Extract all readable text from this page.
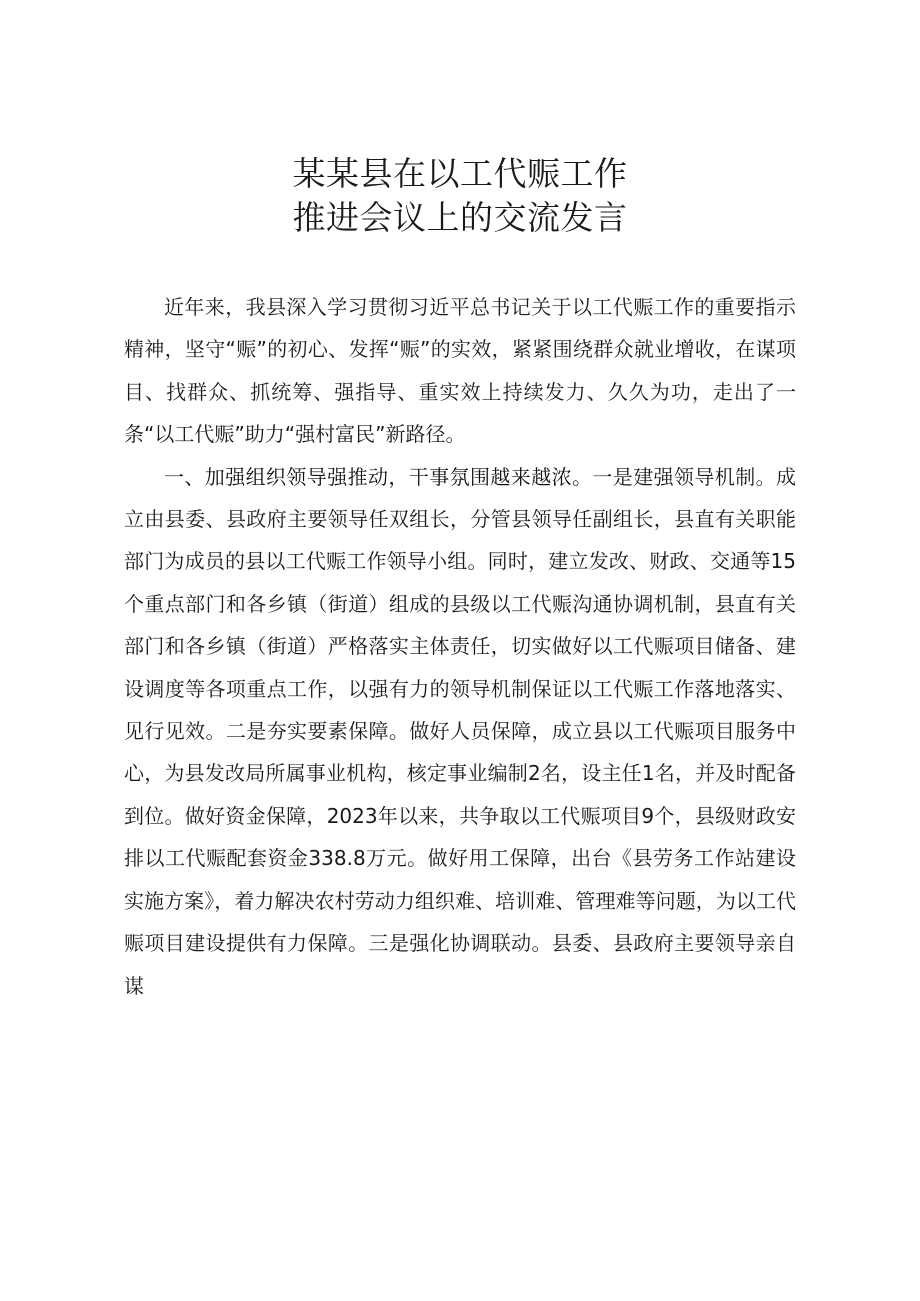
某某县在以工代赈工作
推进会议上的交流发言

近年来，我县深入学习贯彻习近平总书记关于以工代赈工作的重要指示精神，坚守“赈”的初心、发挥“赈”的实效，紧紧围绕群众就业增收，在谋项目、找群众、抓统筹、强指导、重实效上持续发力、久久为功，走出了一条“以工代赈”助力“强村富民”新路径。

一、加强组织领导强推动，干事氛围越来越浓。一是建强领导机制。成立由县委、县政府主要领导任双组长，分管县领导任副组长，县直有关职能部门为成员的县以工代赈工作领导小组。同时，建立发改、财政、交通等15个重点部门和各乡镇（街道）组成的县级以工代赈沟通协调机制，县直有关部门和各乡镇（街道）严格落实主体责任，切实做好以工代赈项目储备、建设调度等各项重点工作，以强有力的领导机制保证以工代赈工作落地落实、见行见效。二是夯实要素保障。做好人员保障，成立县以工代赈项目服务中心，为县发改局所属事业机构，核定事业编制2名，设主任1名，并及时配备到位。做好资金保障，2023年以来，共争取以工代赈项目9个，县级财政安排以工代赈配套资金338.8万元。做好用工保障，出台《县劳务工作站建设实施方案》，着力解决农村劳动力组织难、培训难、管理难等问题，为以工代赈项目建设提供有力保障。三是强化协调联动。县委、县政府主要领导亲自谋
